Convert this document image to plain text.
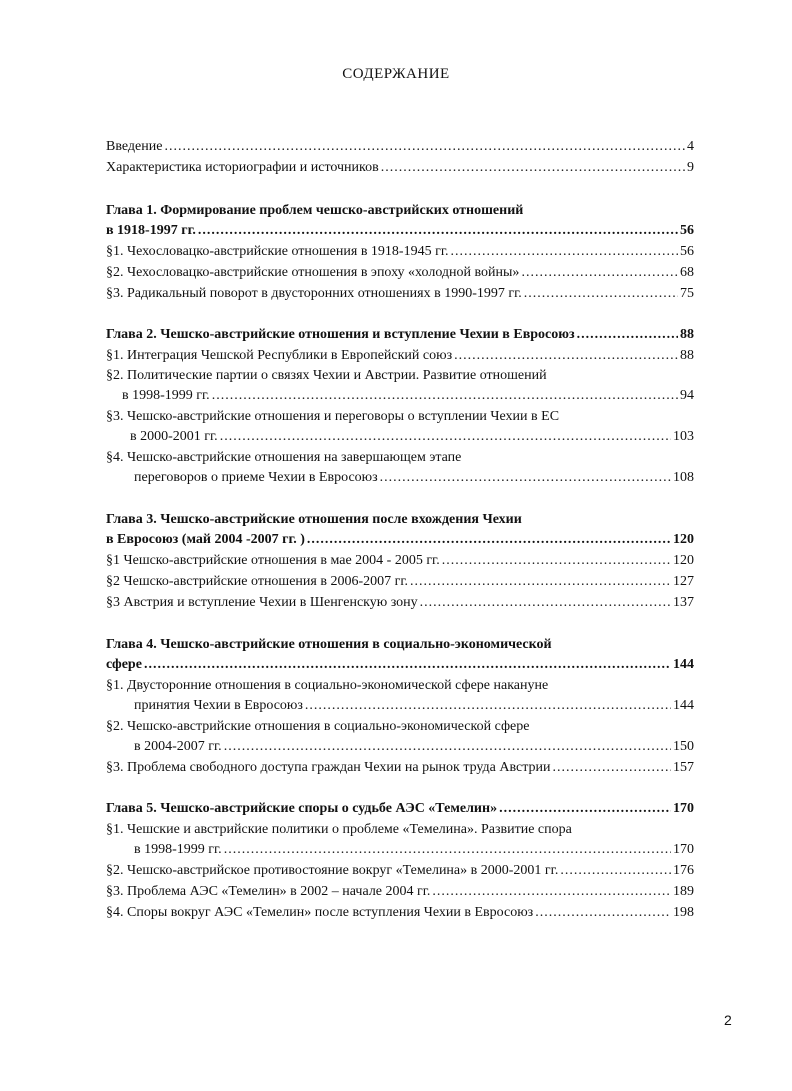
СОДЕРЖАНИЕ
Введение .....	4
Характеристика историографии и источников .....	9
Глава 1. Формирование проблем чешско-австрийских отношений
в 1918-1997 гг. .....	56
§1. Чехословацко-австрийские отношения в 1918-1945 гг. .....	56
§2. Чехословацко-австрийские отношения в эпоху «холодной войны» .....	68
§3. Радикальный поворот в двусторонних отношениях в 1990-1997 гг. .....	75
Глава 2. Чешско-австрийские отношения и вступление Чехии в Евросоюз .....	88
§1. Интеграция Чешской Республики в Европейский союз .....	88
§2. Политические партии о связях Чехии и Австрии. Развитие отношений
в 1998-1999 гг. .....	94
§3. Чешско-австрийские отношения и переговоры о вступлении Чехии в ЕС
в 2000-2001 гг. .....	103
§4. Чешско-австрийские отношения на завершающем этапе
переговоров о приеме Чехии в Евросоюз .....	108
Глава 3. Чешско-австрийские отношения после вхождения Чехии
в Евросоюз (май 2004 -2007 гг. ) .....	120
§1 Чешско-австрийские отношения в мае 2004 - 2005 гг. .....	120
§2 Чешско-австрийские отношения в 2006-2007 гг. .....	127
§3 Австрия и вступление Чехии в Шенгенскую зону .....	137
Глава 4. Чешско-австрийские отношения в социально-экономической
сфере .....	144
§1. Двусторонние отношения в социально-экономической сфере накануне
принятия Чехии в Евросоюз .....	144
§2. Чешско-австрийские отношения в социально-экономической сфере
в 2004-2007 гг. .....	150
§3. Проблема свободного доступа граждан Чехии на рынок труда Австрии .....	157
Глава 5. Чешско-австрийские споры о судьбе АЭС «Темелин» .....	170
§1. Чешские и австрийские политики о проблеме «Темелина». Развитие спора
в 1998-1999 гг. .....	170
§2. Чешско-австрийское противостояние вокруг «Темелина» в 2000-2001 гг. .....	176
§3. Проблема АЭС «Темелин» в 2002 – начале 2004 гг. .....	189
§4. Споры вокруг АЭС «Темелин» после вступления Чехии в Евросоюз .....	198
2
